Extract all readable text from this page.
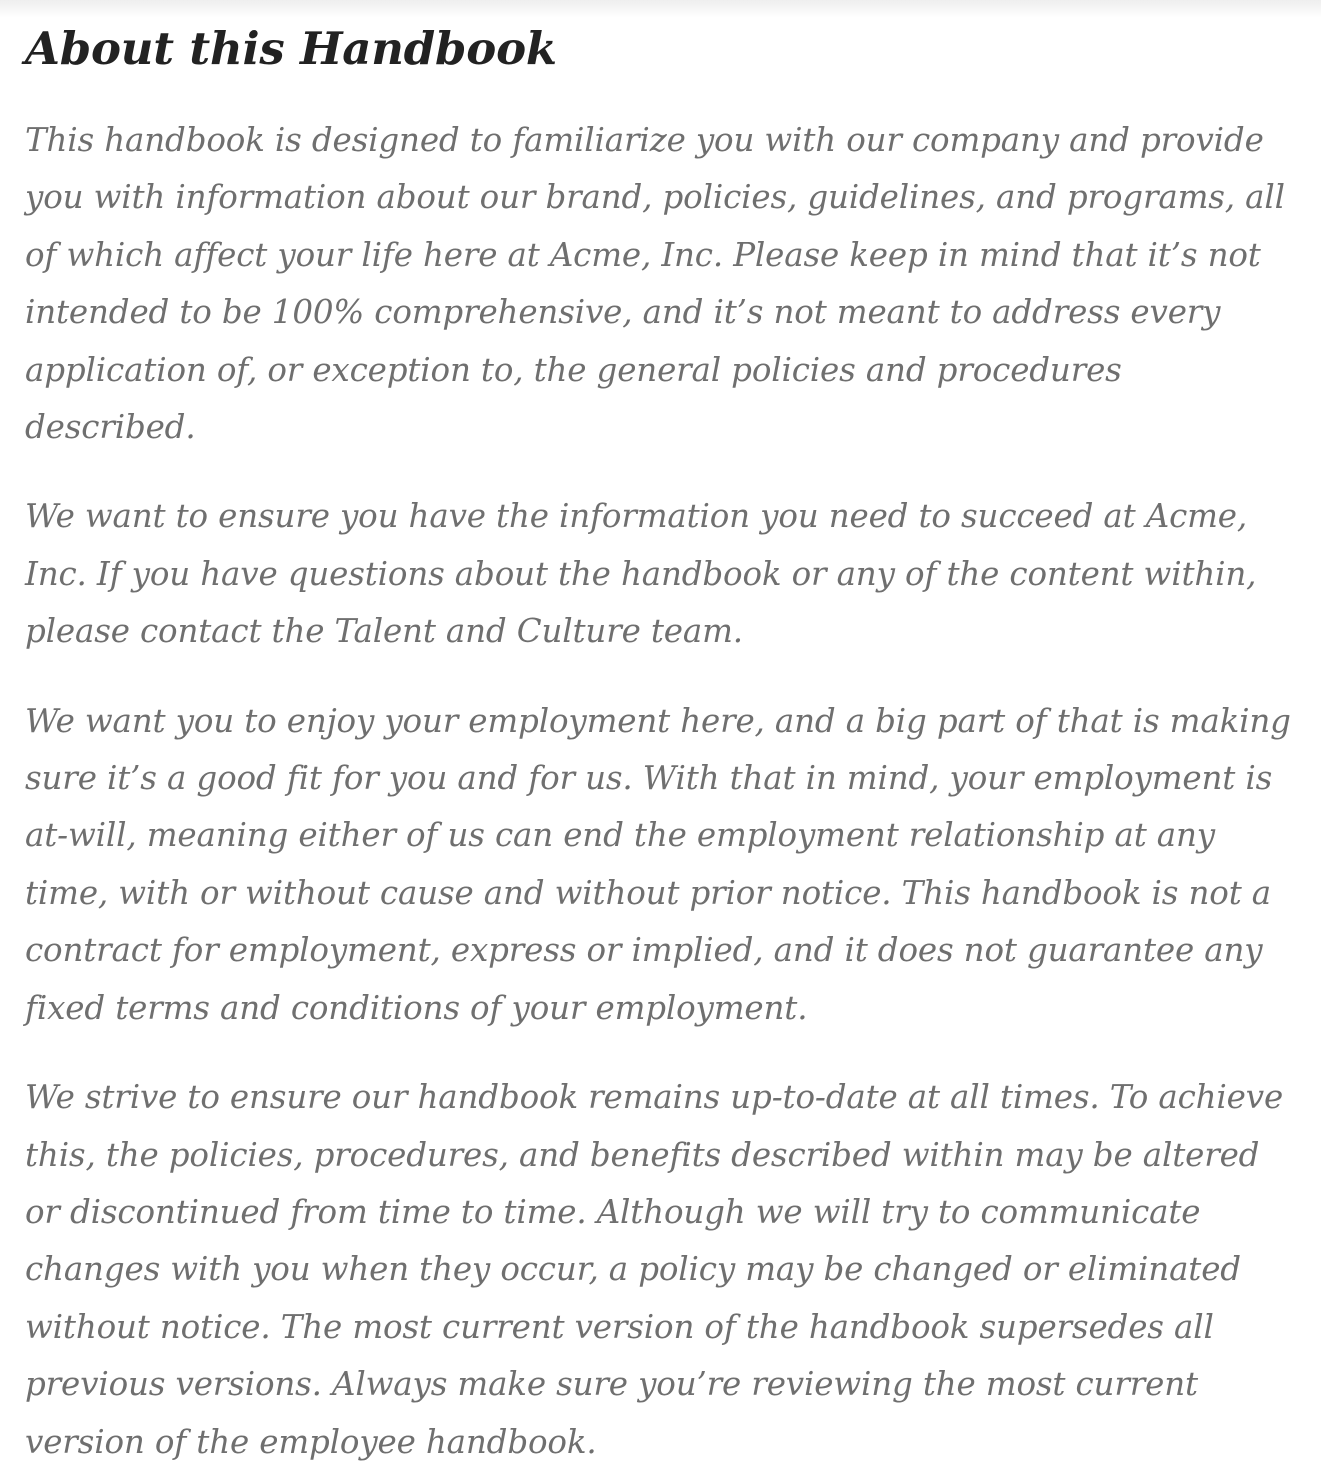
About this Handbook

This handbook is designed to familiarize you with our company and provide you with information about our brand, policies, guidelines, and programs, all of which affect your life here at Acme, Inc. Please keep in mind that it’s not intended to be 100% comprehensive, and it’s not meant to address every application of, or exception to, the general policies and procedures described.

We want to ensure you have the information you need to succeed at Acme, Inc. If you have questions about the handbook or any of the content within, please contact the Talent and Culture team.

We want you to enjoy your employment here, and a big part of that is making sure it’s a good fit for you and for us. With that in mind, your employment is at-will, meaning either of us can end the employment relationship at any time, with or without cause and without prior notice. This handbook is not a contract for employment, express or implied, and it does not guarantee any fixed terms and conditions of your employment.

We strive to ensure our handbook remains up-to-date at all times. To achieve this, the policies, procedures, and benefits described within may be altered or discontinued from time to time. Although we will try to communicate changes with you when they occur, a policy may be changed or eliminated without notice. The most current version of the handbook supersedes all previous versions. Always make sure you’re reviewing the most current version of the employee handbook.
